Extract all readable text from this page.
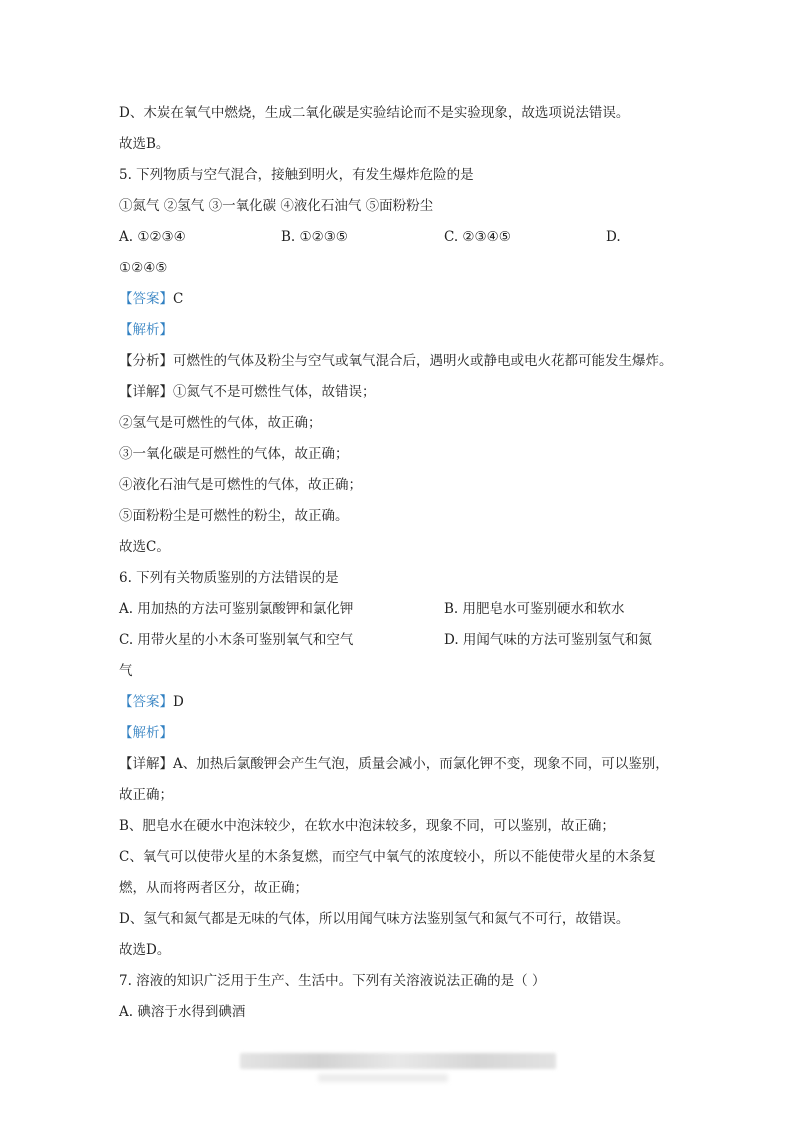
D、木炭在氧气中燃烧，生成二氧化碳是实验结论而不是实验现象，故选项说法错误。
故选B。
5. 下列物质与空气混合，接触到明火，有发生爆炸危险的是
①氮气 ②氢气 ③一氧化碳 ④液化石油气 ⑤面粉粉尘
A. ①②③④	B. ①②③⑤	C. ②③④⑤	D.
①②④⑤
【答案】C
【解析】
【分析】可燃性的气体及粉尘与空气或氧气混合后，遇明火或静电或电火花都可能发生爆炸。
【详解】①氮气不是可燃性气体，故错误；
②氢气是可燃性的气体，故正确；
③一氧化碳是可燃性的气体，故正确；
④液化石油气是可燃性的气体，故正确；
⑤面粉粉尘是可燃性的粉尘，故正确。
故选C。
6. 下列有关物质鉴别的方法错误的是
A. 用加热的方法可鉴别氯酸钾和氯化钾	B. 用肥皂水可鉴别硬水和软水
C. 用带火星的小木条可鉴别氧气和空气	D. 用闻气味的方法可鉴别氢气和氮
气
【答案】D
【解析】
【详解】A、加热后氯酸钾会产生气泡，质量会减小，而氯化钾不变，现象不同，可以鉴别，
故正确；
B、肥皂水在硬水中泡沫较少，在软水中泡沫较多，现象不同，可以鉴别，故正确；
C、氧气可以使带火星的木条复燃，而空气中氧气的浓度较小，所以不能使带火星的木条复
燃，从而将两者区分，故正确；
D、氢气和氮气都是无味的气体，所以用闻气味方法鉴别氢气和氮气不可行，故错误。
故选D。
7. 溶液的知识广泛用于生产、生活中。下列有关溶液说法正确的是（ ）
A. 碘溶于水得到碘酒
